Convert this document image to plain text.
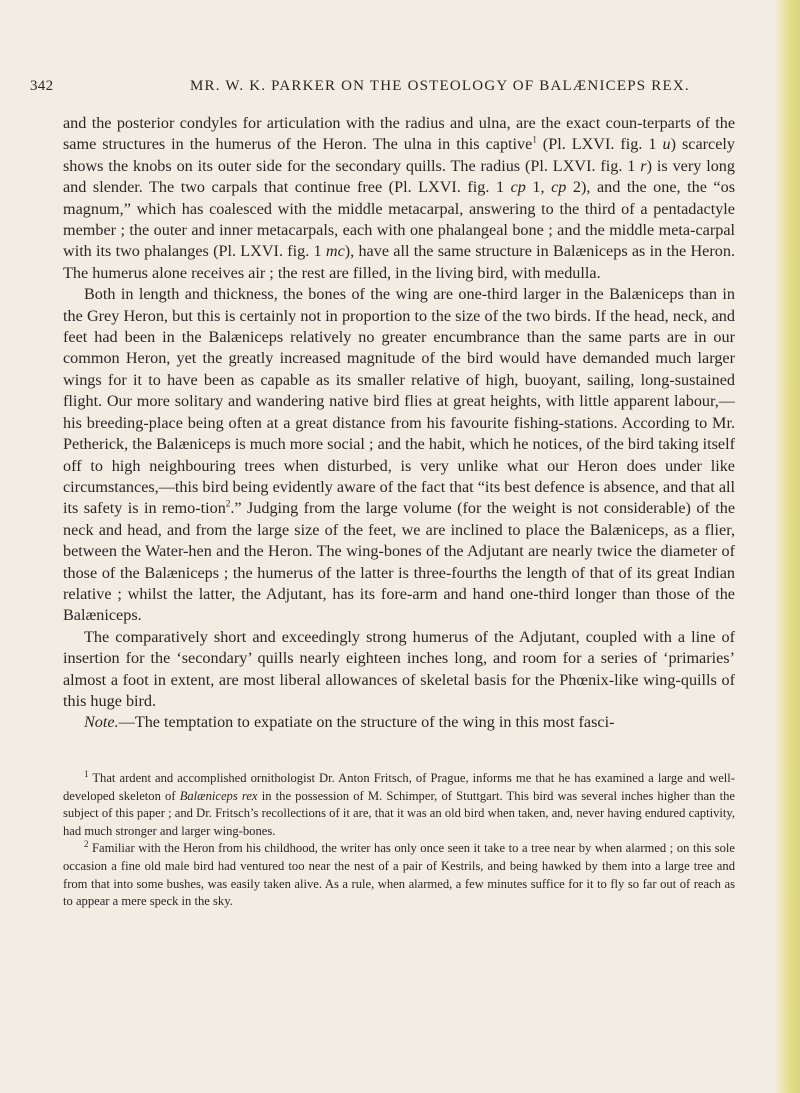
342	MR. W. K. PARKER ON THE OSTEOLOGY OF BALÆNICEPS REX.

and the posterior condyles for articulation with the radius and ulna, are the exact coun-terparts of the same structures in the humerus of the Heron. The ulna in this captive$^1$ (Pl. LXVI. fig. 1 u) scarcely shows the knobs on its outer side for the secondary quills. The radius (Pl. LXVI. fig. 1 r) is very long and slender. The two carpals that continue free (Pl. LXVI. fig. 1 cp 1, cp 2), and the one, the “os magnum,” which has coalesced with the middle metacarpal, answering to the third of a pentadactyle member ; the outer and inner metacarpals, each with one phalangeal bone ; and the middle meta-carpal with its two phalanges (Pl. LXVI. fig. 1 mc), have all the same structure in Balæniceps as in the Heron. The humerus alone receives air ; the rest are filled, in the living bird, with medulla.

Both in length and thickness, the bones of the wing are one-third larger in the Balæniceps than in the Grey Heron, but this is certainly not in proportion to the size of the two birds. If the head, neck, and feet had been in the Balæniceps relatively no greater encumbrance than the same parts are in our common Heron, yet the greatly increased magnitude of the bird would have demanded much larger wings for it to have been as capable as its smaller relative of high, buoyant, sailing, long-sustained flight. Our more solitary and wandering native bird flies at great heights, with little apparent labour,—his breeding-place being often at a great distance from his favourite fishing-stations. According to Mr. Petherick, the Balæniceps is much more social ; and the habit, which he notices, of the bird taking itself off to high neighbouring trees when disturbed, is very unlike what our Heron does under like circumstances,—this bird being evidently aware of the fact that “its best defence is absence, and that all its safety is in remo-tion$^2$.” Judging from the large volume (for the weight is not considerable) of the neck and head, and from the large size of the feet, we are inclined to place the Balæniceps, as a flier, between the Water-hen and the Heron. The wing-bones of the Adjutant are nearly twice the diameter of those of the Balæniceps ; the humerus of the latter is three-fourths the length of that of its great Indian relative ; whilst the latter, the Adjutant, has its fore-arm and hand one-third longer than those of the Balæniceps.

The comparatively short and exceedingly strong humerus of the Adjutant, coupled with a line of insertion for the ‘secondary’ quills nearly eighteen inches long, and room for a series of ‘primaries’ almost a foot in extent, are most liberal allowances of skeletal basis for the Phœnix-like wing-quills of this huge bird.

Note.—The temptation to expatiate on the structure of the wing in this most fasci-

$^1$ That ardent and accomplished ornithologist Dr. Anton Fritsch, of Prague, informs me that he has examined a large and well-developed skeleton of Balæniceps rex in the possession of M. Schimper, of Stuttgart. This bird was several inches higher than the subject of this paper ; and Dr. Fritsch’s recollections of it are, that it was an old bird when taken, and, never having endured captivity, had much stronger and larger wing-bones.

$^2$ Familiar with the Heron from his childhood, the writer has only once seen it take to a tree near by when alarmed ; on this sole occasion a fine old male bird had ventured too near the nest of a pair of Kestrils, and being hawked by them into a large tree and from that into some bushes, was easily taken alive. As a rule, when alarmed, a few minutes suffice for it to fly so far out of reach as to appear a mere speck in the sky.
